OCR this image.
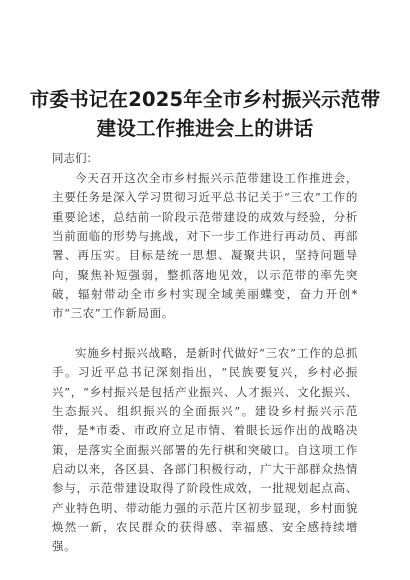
市委书记在2025年全市乡村振兴示范带
建设工作推进会上的讲话
同志们：

今天召开这次全市乡村振兴示范带建设工作推进会，主要任务是深入学习贯彻习近平总书记关于“三农”工作的重要论述，总结前一阶段示范带建设的成效与经验，分析当前面临的形势与挑战，对下一步工作进行再动员、再部署、再压实。目标是统一思想、凝聚共识，坚持问题导向，聚焦补短强弱，整抓落地见效，以示范带的率先突破，辐射带动全市乡村实现全域美丽蝶变，奋力开创*市“三农”工作新局面。

实施乡村振兴战略，是新时代做好“三农”工作的总抓手。习近平总书记深刻指出，“民族要复兴，乡村必振兴”，“乡村振兴是包括产业振兴、人才振兴、文化振兴、生态振兴、组织振兴的全面振兴”。建设乡村振兴示范带，是*市委、市政府立足市情、着眼长远作出的战略决策，是落实全面振兴部署的先行棋和突破口。自这项工作启动以来，各区县、各部门积极行动，广大干部群众热情参与，示范带建设取得了阶段性成效，一批规划起点高、产业特色明、带动能力强的示范片区初步显现，乡村面貌焕然一新，农民群众的获得感、幸福感、安全感持续增强。
